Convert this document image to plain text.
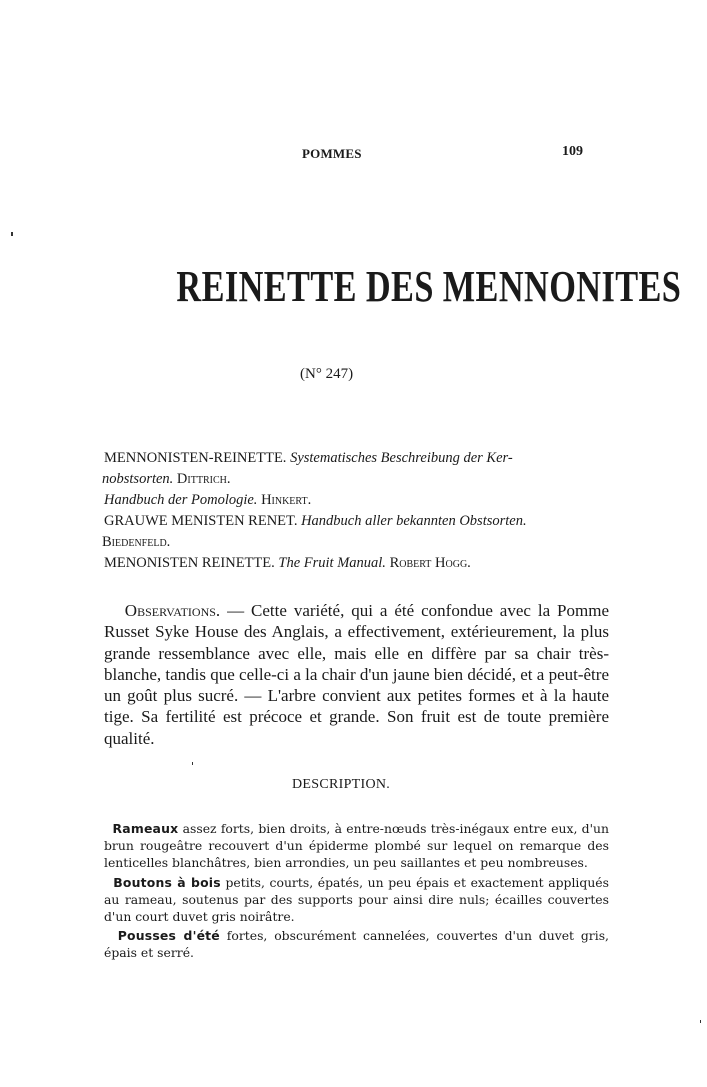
POMMES	109
REINETTE DES MENNONITES
(N° 247)
MENNONISTEN-REINETTE. Systematisches Beschreibung der Ker-
nobstsorten. Dittrich.
Handbuch der Pomologie. Hinkert.
GRAUWE MENISTEN RENET. Handbuch aller bekannten Obstsorten.
Biedenfeld.
MENONISTEN REINETTE. The Fruit Manual. Robert Hogg.

Observations. — Cette variété, qui a été confondue avec la Pomme Russet Syke House des Anglais, a effectivement, extérieurement, la plus grande ressemblance avec elle, mais elle en diffère par sa chair très-blanche, tandis que celle-ci a la chair d'un jaune bien décidé, et a peut-être un goût plus sucré. — L'arbre convient aux petites formes et à la haute tige. Sa fertilité est précoce et grande. Son fruit est de toute première qualité.

DESCRIPTION.

Rameaux assez forts, bien droits, à entre-nœuds très-inégaux entre eux, d'un brun rougeâtre recouvert d'un épiderme plombé sur lequel on remarque des lenticelles blanchâtres, bien arrondies, un peu saillantes et peu nombreuses.

Boutons à bois petits, courts, épatés, un peu épais et exactement appliqués au rameau, soutenus par des supports pour ainsi dire nuls; écailles couvertes d'un court duvet gris noirâtre.

Pousses d'été fortes, obscurément cannelées, couvertes d'un duvet gris, épais et serré.
